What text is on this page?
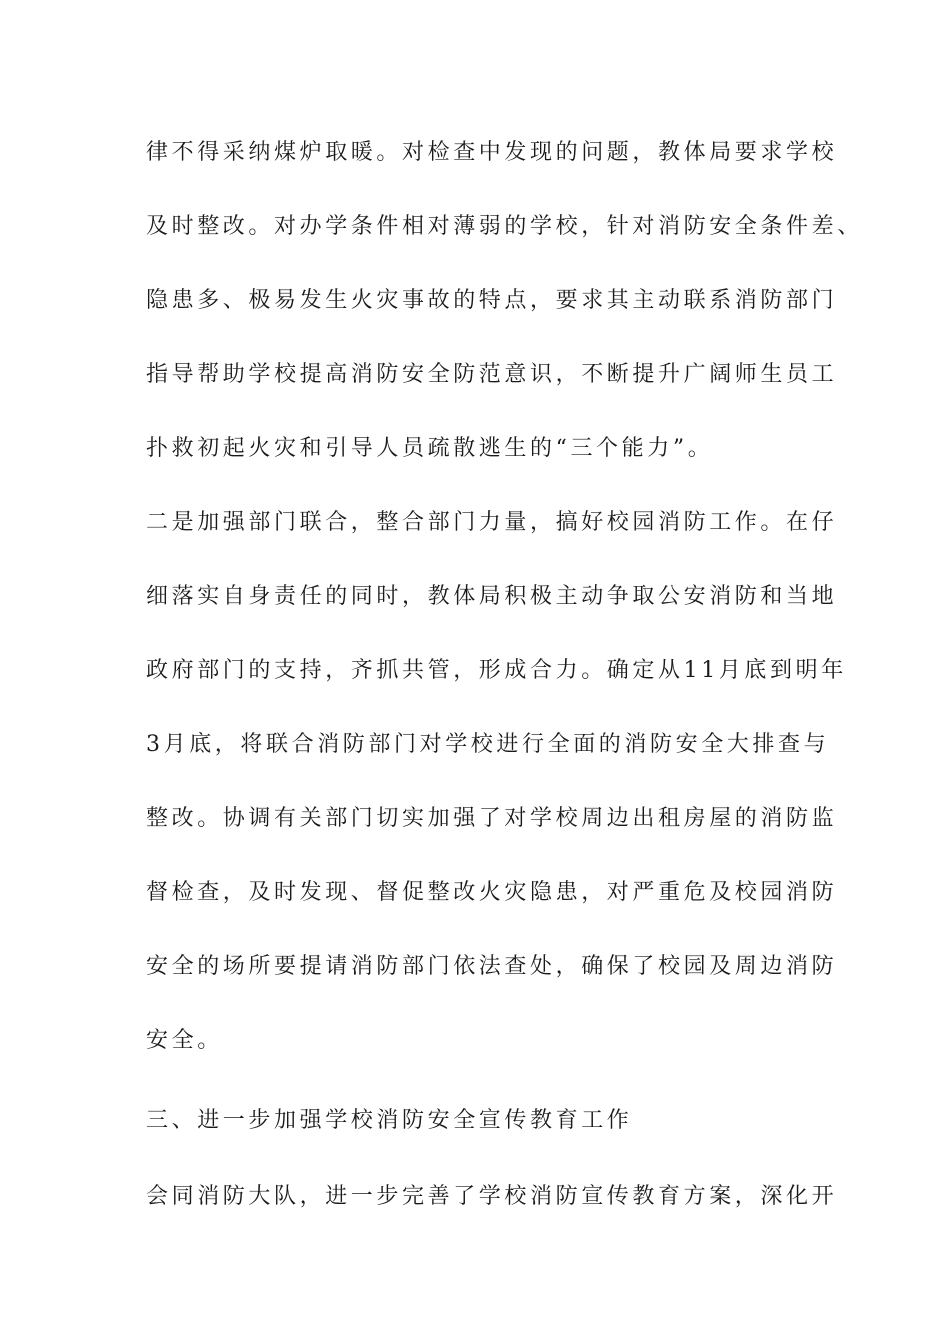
律不得采纳煤炉取暖。对检查中发现的问题，教体局要求学校
及时整改。对办学条件相对薄弱的学校，针对消防安全条件差、
隐患多、极易发生火灾事故的特点，要求其主动联系消防部门
指导帮助学校提高消防安全防范意识，不断提升广阔师生员工
扑救初起火灾和引导人员疏散逃生的“三个能力”。
二是加强部门联合，整合部门力量，搞好校园消防工作。在仔
细落实自身责任的同时，教体局积极主动争取公安消防和当地
政府部门的支持，齐抓共管，形成合力。确定从11月底到明年
3月底，将联合消防部门对学校进行全面的消防安全大排查与
整改。协调有关部门切实加强了对学校周边出租房屋的消防监
督检查，及时发现、督促整改火灾隐患，对严重危及校园消防
安全的场所要提请消防部门依法查处，确保了校园及周边消防
安全。
三、进一步加强学校消防安全宣传教育工作
会同消防大队，进一步完善了学校消防宣传教育方案，深化开
